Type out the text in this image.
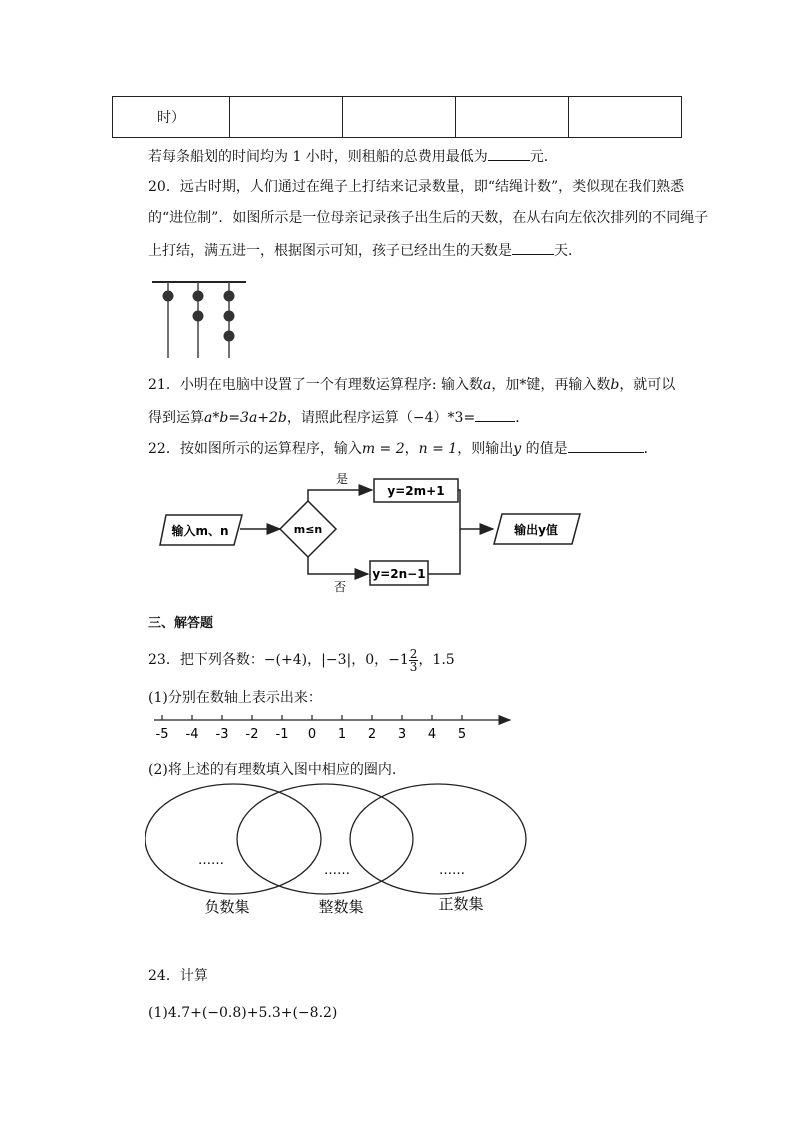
时）				
若每条船划的时间均为 1 小时，则租船的总费用最低为	元．
20．远古时期，人们通过在绳子上打结来记录数量，即“结绳计数”，类似现在我们熟悉
的“进位制”．如图所示是一位母亲记录孩子出生后的天数，在从右向左依次排列的不同绳子
上打结，满五进一，根据图示可知，孩子已经出生的天数是	天．
21．小明在电脑中设置了一个有理数运算程序: 输入数a，加*键，再输入数b，就可以
得到运算a*b=3a+2b，请照此程序运算（−4）*3=	．
22．按如图所示的运算程序，输入m = 2，n = 1，则输出y 的值是	．
输入m、n	m≤n
是
y=2m+1
否
y=2n−1
输出y值
三、解答题
23．把下列各数：−(+4)，|−3|，0，$-1 \frac{2}{3}$ ，1.5
(1)分别在数轴上表示出来：
-5 -4 -3 -2 -1 0 1 2 3 4 5
(2)将上述的有理数填入图中相应的圈内.
……
……	……
负数集	整数集	正数集
24．计算
(1)4.7+(−0.8)+5.3+(−8.2)
